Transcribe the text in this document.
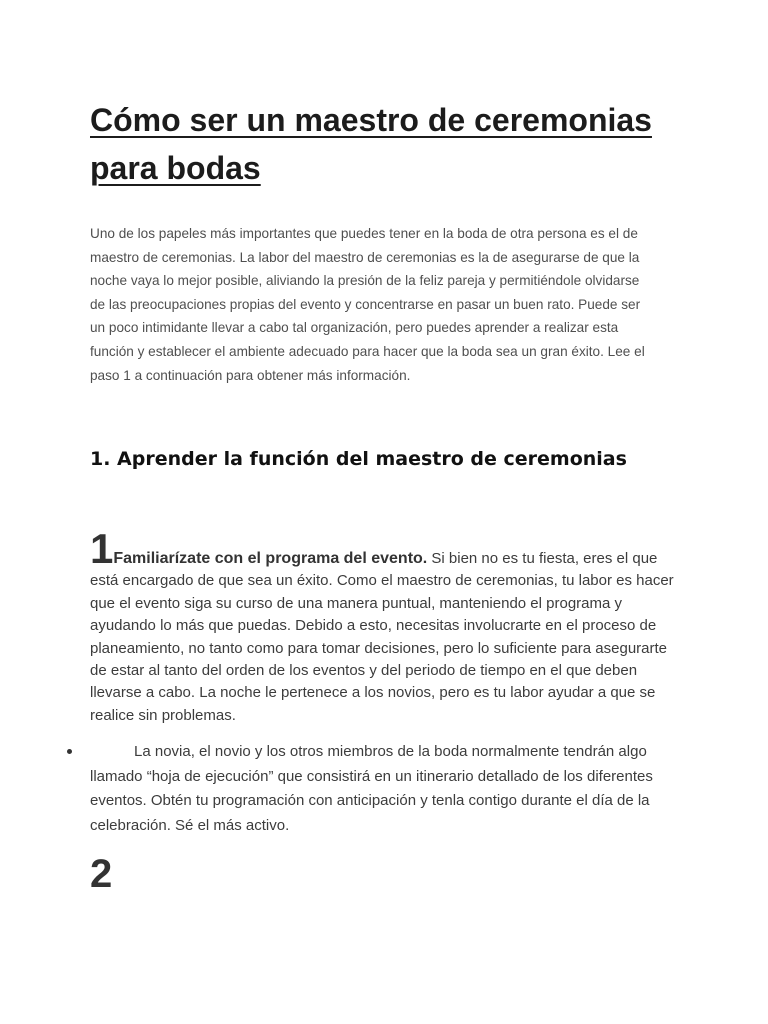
Cómo ser un maestro de ceremonias para bodas

Uno de los papeles más importantes que puedes tener en la boda de otra persona es el de maestro de ceremonias. La labor del maestro de ceremonias es la de asegurarse de que la noche vaya lo mejor posible, aliviando la presión de la feliz pareja y permitiéndole olvidarse de las preocupaciones propias del evento y concentrarse en pasar un buen rato. Puede ser un poco intimidante llevar a cabo tal organización, pero puedes aprender a realizar esta función y establecer el ambiente adecuado para hacer que la boda sea un gran éxito. Lee el paso 1 a continuación para obtener más información.

1. Aprender la función del maestro de ceremonias

1Familiarízate con el programa del evento. Si bien no es tu fiesta, eres el que está encargado de que sea un éxito. Como el maestro de ceremonias, tu labor es hacer que el evento siga su curso de una manera puntual, manteniendo el programa y ayudando lo más que puedas. Debido a esto, necesitas involucrarte en el proceso de planeamiento, no tanto como para tomar decisiones, pero lo suficiente para asegurarte de estar al tanto del orden de los eventos y del periodo de tiempo en el que deben llevarse a cabo. La noche le pertenece a los novios, pero es tu labor ayudar a que se realice sin problemas.

La novia, el novio y los otros miembros de la boda normalmente tendrán algo llamado “hoja de ejecución” que consistirá en un itinerario detallado de los diferentes eventos. Obtén tu programación con anticipación y tenla contigo durante el día de la celebración. Sé el más activo.
2
